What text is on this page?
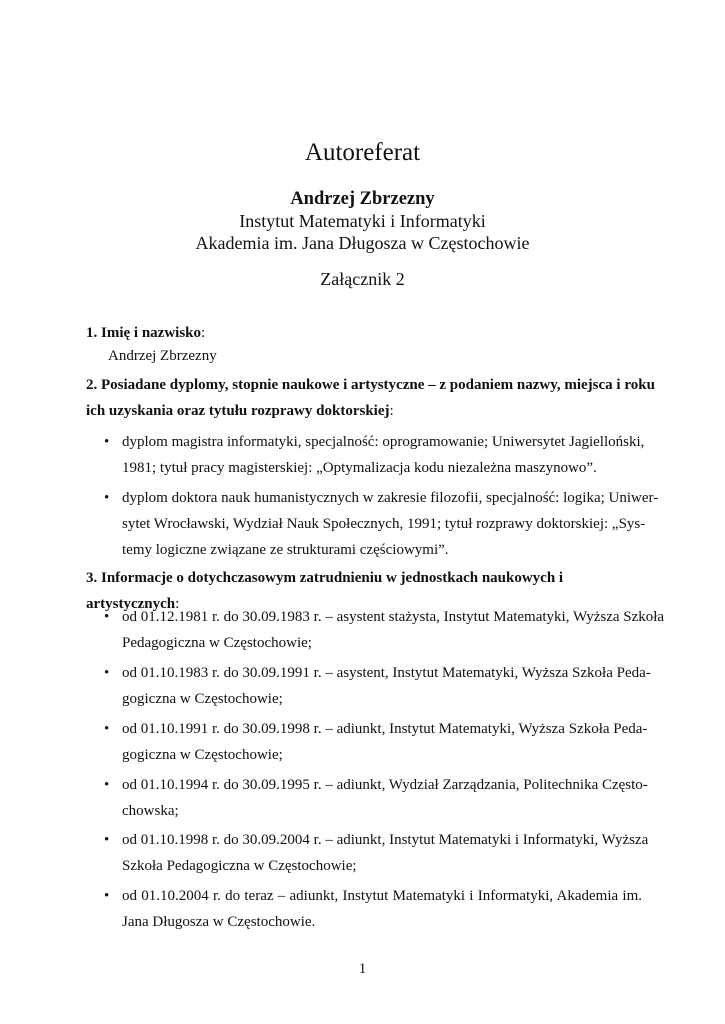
Autoreferat
Andrzej Zbrzezny
Instytut Matematyki i Informatyki
Akademia im. Jana Długosza w Częstochowie
Załącznik 2
1. Imię i nazwisko:
Andrzej Zbrzezny
2. Posiadane dyplomy, stopnie naukowe i artystyczne – z podaniem nazwy, miejsca i roku
ich uzyskania oraz tytułu rozprawy doktorskiej:
• dyplom magistra informatyki, specjalność: oprogramowanie; Uniwersytet Jagielloński,
1981; tytuł pracy magisterskiej: „Optymalizacja kodu niezależna maszynowo”.
• dyplom doktora nauk humanistycznych w zakresie filozofii, specjalność: logika; Uniwer-
sytet Wrocławski, Wydział Nauk Społecznych, 1991; tytuł rozprawy doktorskiej: „Sys-
temy logiczne związane ze strukturami częściowymi”.
3. Informacje o dotychczasowym zatrudnieniu w jednostkach naukowych i artystycznych:
• od 01.12.1981 r. do 30.09.1983 r. – asystent stażysta, Instytut Matematyki, Wyższa Szkoła
Pedagogiczna w Częstochowie;
• od 01.10.1983 r. do 30.09.1991 r. – asystent, Instytut Matematyki, Wyższa Szkoła Peda-
gogiczna w Częstochowie;
• od 01.10.1991 r. do 30.09.1998 r. – adiunkt, Instytut Matematyki, Wyższa Szkoła Peda-
gogiczna w Częstochowie;
• od 01.10.1994 r. do 30.09.1995 r. – adiunkt, Wydział Zarządzania, Politechnika Często-
chowska;
• od 01.10.1998 r. do 30.09.2004 r. – adiunkt, Instytut Matematyki i Informatyki, Wyższa
Szkoła Pedagogiczna w Częstochowie;
• od 01.10.2004 r. do teraz – adiunkt, Instytut Matematyki i Informatyki, Akademia im.
Jana Długosza w Częstochowie.
1
